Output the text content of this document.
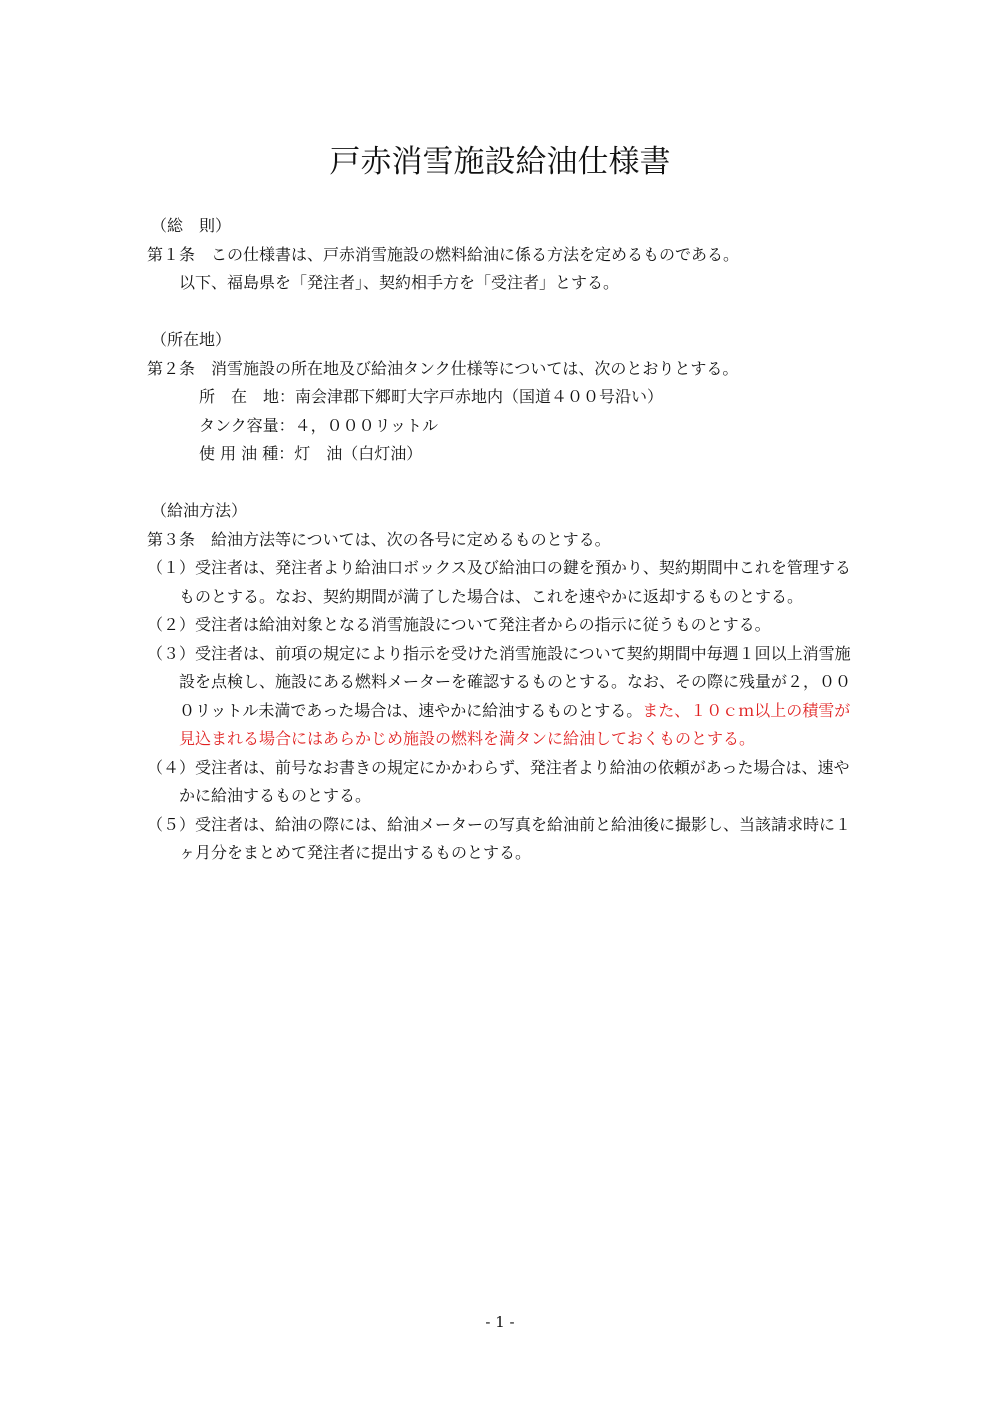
戸赤消雪施設給油仕様書
（総　則）
第１条　この仕様書は、戸赤消雪施設の燃料給油に係る方法を定めるものである。
以下、福島県を「発注者」、契約相手方を「受注者」とする。
（所在地）
第２条　消雪施設の所在地及び給油タンク仕様等については、次のとおりとする。
所　在　地：南会津郡下郷町大字戸赤地内（国道４００号沿い）
タンク容量：４，０００リットル
使 用 油 種：灯　油（白灯油）
（給油方法）
第３条　給油方法等については、次の各号に定めるものとする。
（１）受注者は、発注者より給油口ボックス及び給油口の鍵を預かり、契約期間中これを管理するものとする。なお、契約期間が満了した場合は、これを速やかに返却するものとする。
（２）受注者は給油対象となる消雪施設について発注者からの指示に従うものとする。
（３）受注者は、前項の規定により指示を受けた消雪施設について契約期間中毎週１回以上消雪施設を点検し、施設にある燃料メーターを確認するものとする。なお、その際に残量が２，０００リットル未満であった場合は、速やかに給油するものとする。また、１０ｃｍ以上の積雪が見込まれる場合にはあらかじめ施設の燃料を満タンに給油しておくものとする。
（４）受注者は、前号なお書きの規定にかかわらず、発注者より給油の依頼があった場合は、速やかに給油するものとする。
（５）受注者は、給油の際には、給油メーターの写真を給油前と給油後に撮影し、当該請求時に１ヶ月分をまとめて発注者に提出するものとする。
- 1 -
